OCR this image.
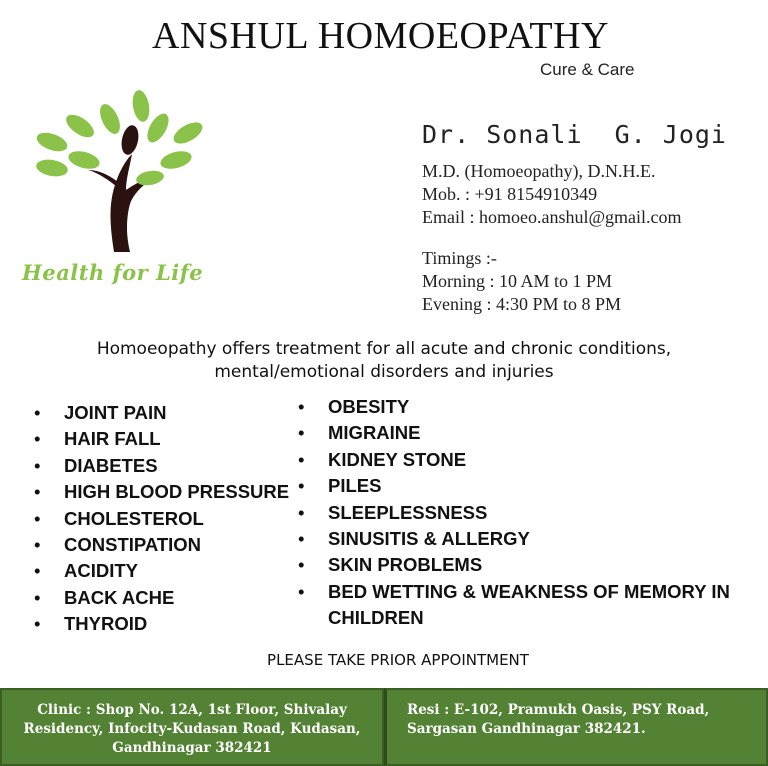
ANSHUL HOMOEOPATHY
Cure & Care
Health for Life
Dr. Sonali  G. Jogi
M.D. (Homoeopathy), D.N.H.E.
Mob. : +91 8154910349
Email : homoeo.anshul@gmail.com
Timings :-
Morning : 10 AM to 1 PM
Evening : 4:30 PM to 8 PM
Homoeopathy offers treatment for all acute and chronic conditions,
mental/emotional disorders and injuries
• JOINT PAIN
• HAIR FALL
• DIABETES
• HIGH BLOOD PRESSURE
• CHOLESTEROL
• CONSTIPATION
• ACIDITY
• BACK ACHE
• THYROID
• OBESITY
• MIGRAINE
• KIDNEY STONE
• PILES
• SLEEPLESSNESS
• SINUSITIS & ALLERGY
• SKIN PROBLEMS
• BED WETTING & WEAKNESS OF MEMORY IN CHILDREN
PLEASE TAKE PRIOR APPOINTMENT
Clinic : Shop No. 12A, 1st Floor, Shivalay Residency, Infocity-Kudasan Road, Kudasan, Gandhinagar 382421
Resi : E-102, Pramukh Oasis, PSY Road, Sargasan Gandhinagar 382421.
